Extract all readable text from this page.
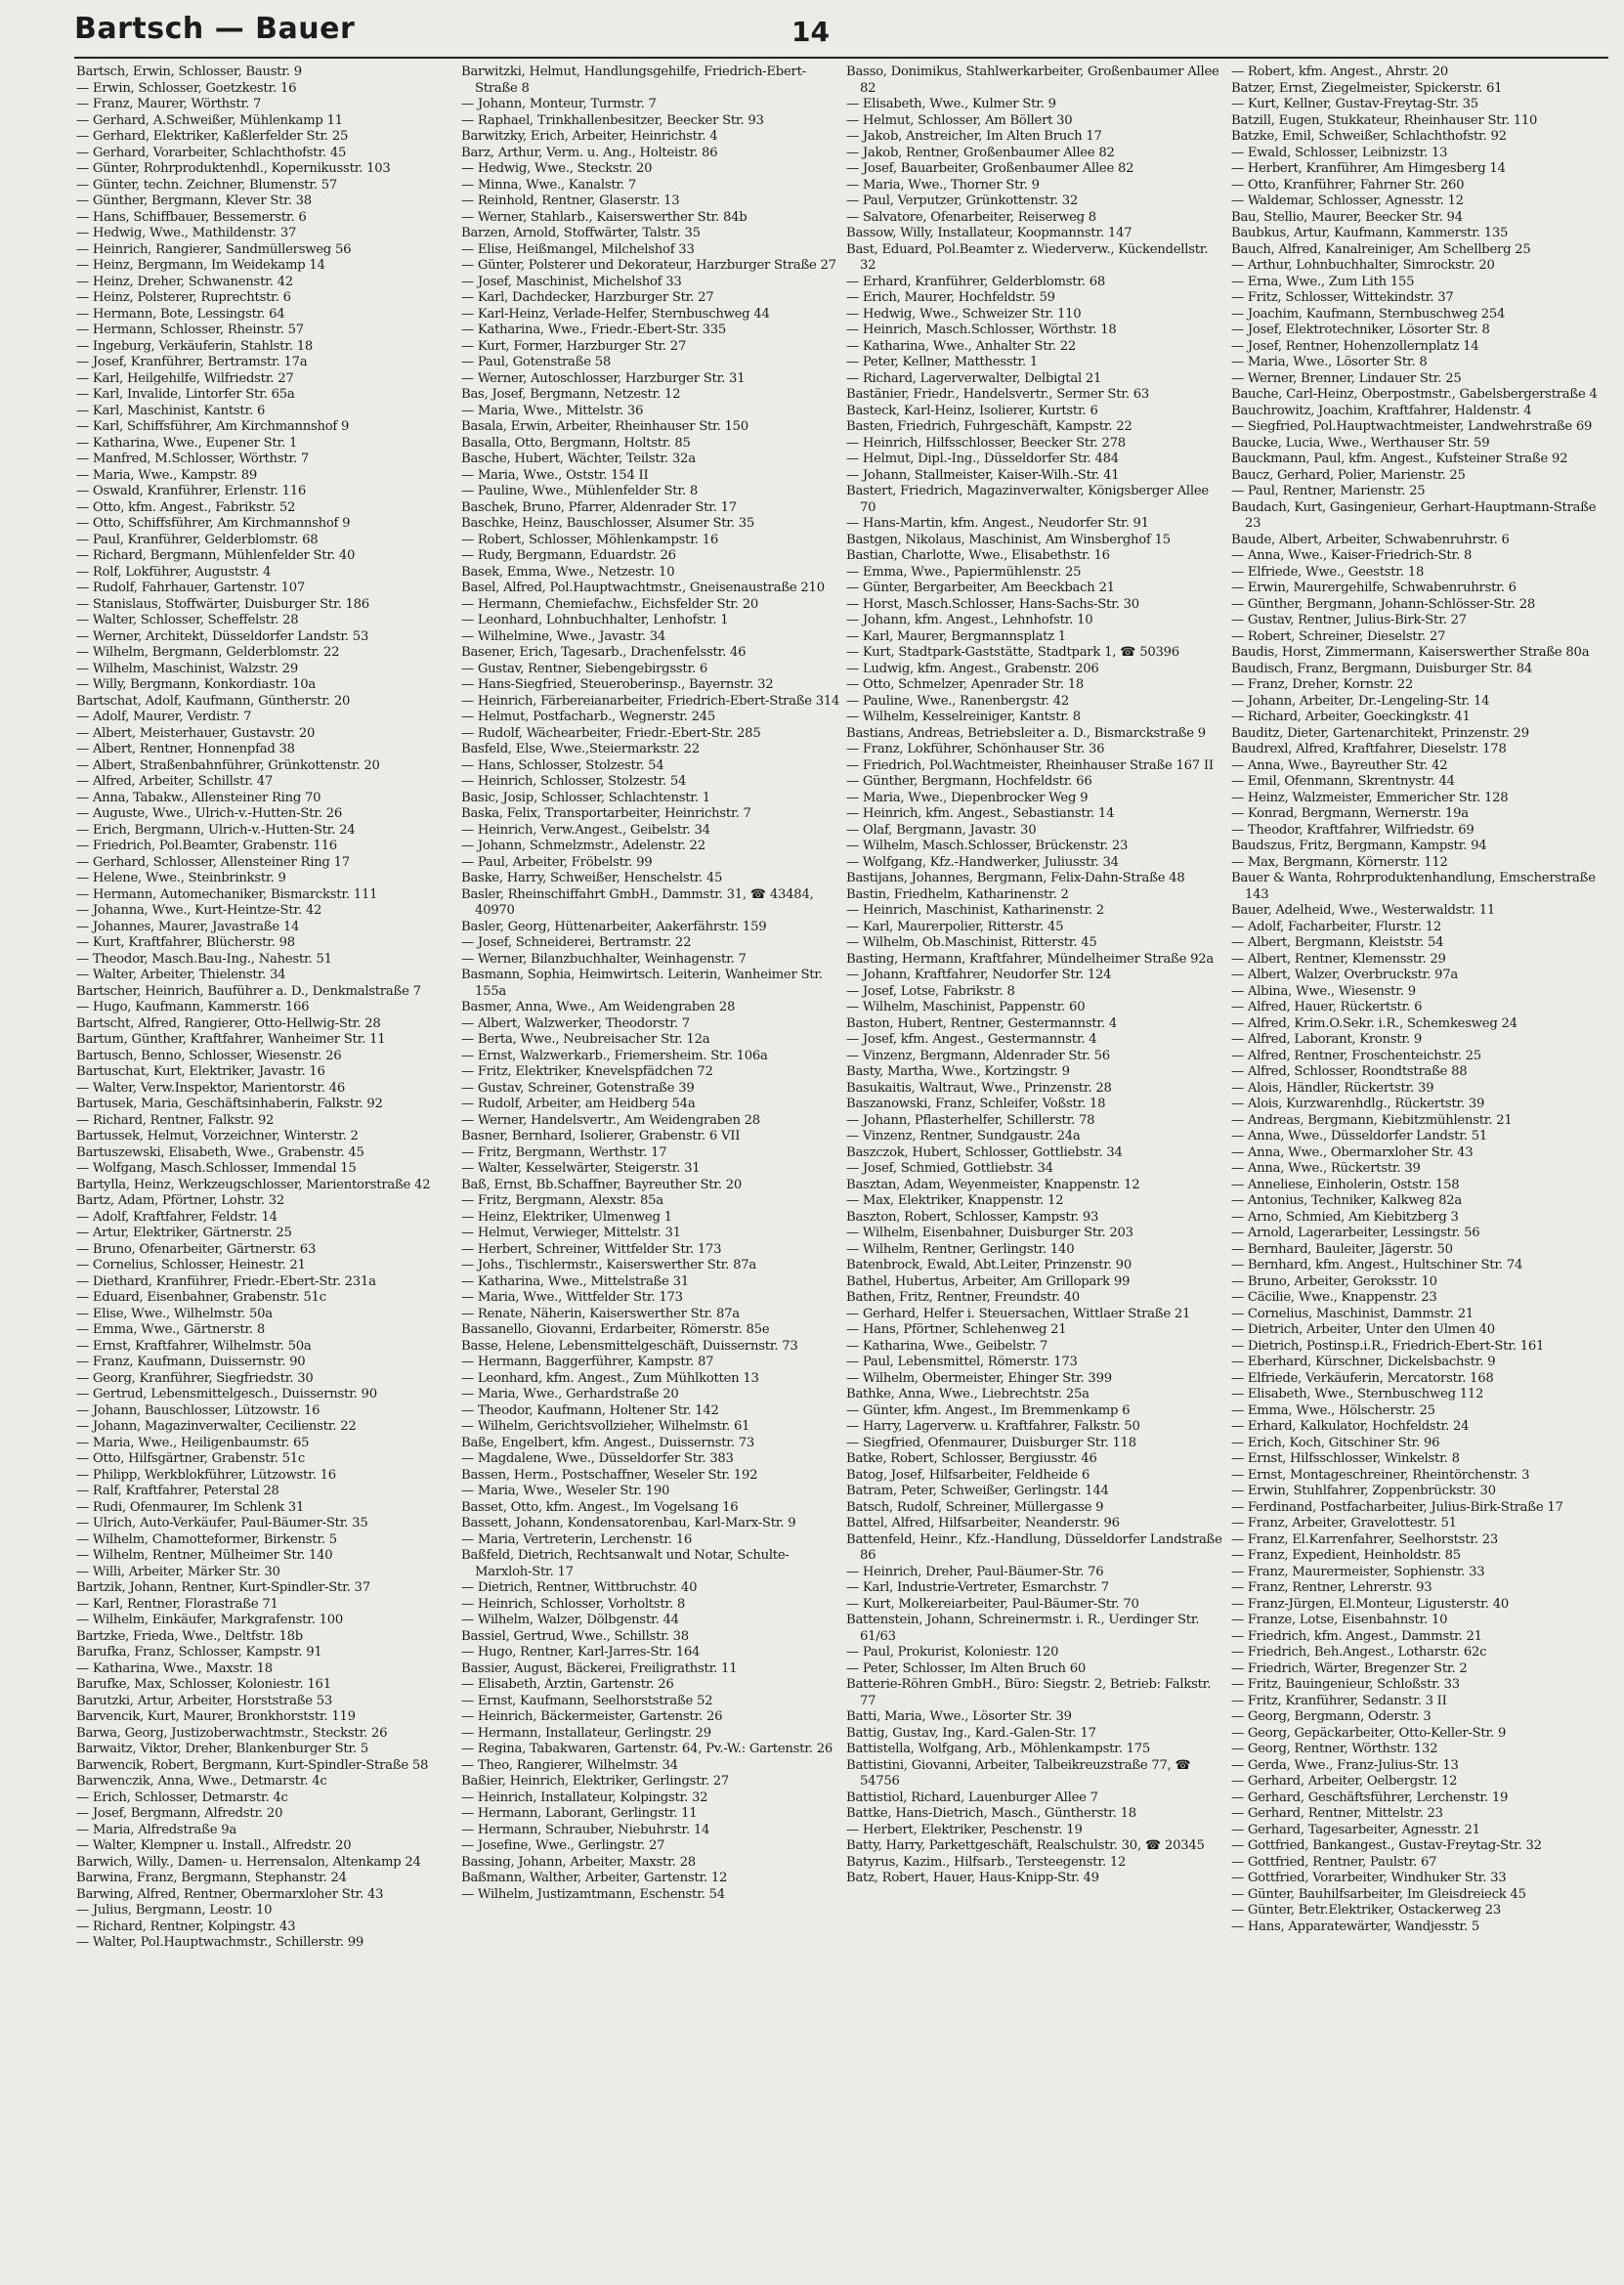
Bartsch — Bauer	14
Bartsch, Erwin, Schlosser, Baustr. 9
— Erwin, Schlosser, Goetzkestr. 16
— Franz, Maurer, Wörthstr. 7
— Gerhard, A.Schweißer, Mühlenkamp 11
— Gerhard, Elektriker, Kaßlerfelder Str. 25
— Gerhard, Vorarbeiter, Schlachthofstr. 45
— Günter, Rohrproduktenhdl., Kopernikusstr. 103
— Günter, techn. Zeichner, Blumenstr. 57
— Günther, Bergmann, Klever Str. 38
— Hans, Schiffbauer, Bessemerstr. 6
— Hedwig, Wwe., Mathildenstr. 37
— Heinrich, Rangierer, Sandmüllersweg 56
— Heinz, Bergmann, Im Weidekamp 14
— Heinz, Dreher, Schwanenstr. 42
— Heinz, Polsterer, Ruprechtstr. 6
— Hermann, Bote, Lessingstr. 64
— Hermann, Schlosser, Rheinstr. 57
— Ingeburg, Verkäuferin, Stahlstr. 18
— Josef, Kranführer, Bertramstr. 17a
— Karl, Heilgehilfe, Wilfriedstr. 27
— Karl, Invalide, Lintorfer Str. 65a
— Karl, Maschinist, Kantstr. 6
— Karl, Schiffsführer, Am Kirchmannshof 9
— Katharina, Wwe., Eupener Str. 1
— Manfred, M.Schlosser, Wörthstr. 7
— Maria, Wwe., Kampstr. 89
— Oswald, Kranführer, Erlenstr. 116
— Otto, kfm. Angest., Fabrikstr. 52
— Otto, Schiffsführer, Am Kirchmannshof 9
— Paul, Kranführer, Gelderblomstr. 68
— Richard, Bergmann, Mühlenfelder Str. 40
— Rolf, Lokführer, Auguststr. 4
— Rudolf, Fahrhauer, Gartenstr. 107
— Stanislaus, Stoffwärter, Duisburger Str. 186
— Walter, Schlosser, Scheffelstr. 28
— Werner, Architekt, Düsseldorfer Landstr. 53
— Wilhelm, Bergmann, Gelderblomstr. 22
— Wilhelm, Maschinist, Walzstr. 29
— Willy, Bergmann, Konkordiastr. 10a
Bartschat, Adolf, Kaufmann, Güntherstr. 20
— Adolf, Maurer, Verdistr. 7
— Albert, Meisterhauer, Gustavstr. 20
— Albert, Rentner, Honnenpfad 38
— Albert, Straßenbahnführer, Grünkottenstr. 20
— Alfred, Arbeiter, Schillstr. 47
— Anna, Tabakw., Allensteiner Ring 70
— Auguste, Wwe., Ulrich-v.-Hutten-Str. 26
— Erich, Bergmann, Ulrich-v.-Hutten-Str. 24
— Friedrich, Pol.Beamter, Grabenstr. 116
— Gerhard, Schlosser, Allensteiner Ring 17
— Helene, Wwe., Steinbrinkstr. 9
— Hermann, Automechaniker, Bismarckstr. 111
— Johanna, Wwe., Kurt-Heintze-Str. 42
— Johannes, Maurer, Javastraße 14
— Kurt, Kraftfahrer, Blücherstr. 98
— Theodor, Masch.Bau-Ing., Nahestr. 51
— Walter, Arbeiter, Thielenstr. 34
Bartscher, Heinrich, Bauführer a. D., Denkmalstraße 7
— Hugo, Kaufmann, Kammerstr. 166
Bartscht, Alfred, Rangierer, Otto-Hellwig-Str. 28
Bartum, Günther, Kraftfahrer, Wanheimer Str. 11
Bartusch, Benno, Schlosser, Wiesenstr. 26
Bartuschat, Kurt, Elektriker, Javastr. 16
— Walter, Verw.Inspektor, Marientorstr. 46
Bartusek, Maria, Geschäftsinhaberin, Falkstr. 92
— Richard, Rentner, Falkstr. 92
Bartussek, Helmut, Vorzeichner, Winterstr. 2
Bartuszewski, Elisabeth, Wwe., Grabenstr. 45
— Wolfgang, Masch.Schlosser, Immendal 15
Bartylla, Heinz, Werkzeugschlosser, Marientorstraße 42
Bartz, Adam, Pförtner, Lohstr. 32
— Adolf, Kraftfahrer, Feldstr. 14
— Artur, Elektriker, Gärtnerstr. 25
— Bruno, Ofenarbeiter, Gärtnerstr. 63
— Cornelius, Schlosser, Heinestr. 21
— Diethard, Kranführer, Friedr.-Ebert-Str. 231a
— Eduard, Eisenbahner, Grabenstr. 51c
— Elise, Wwe., Wilhelmstr. 50a
— Emma, Wwe., Gärtnerstr. 8
— Ernst, Kraftfahrer, Wilhelmstr. 50a
— Franz, Kaufmann, Duissernstr. 90
— Georg, Kranführer, Siegfriedstr. 30
— Gertrud, Lebensmittelgesch., Duissernstr. 90
— Johann, Bauschlosser, Lützowstr. 16
— Johann, Magazinverwalter, Cecilienstr. 22
— Maria, Wwe., Heiligenbaumstr. 65
— Otto, Hilfsgärtner, Grabenstr. 51c
— Philipp, Werkblokführer, Lützowstr. 16
— Ralf, Kraftfahrer, Peterstal 28
— Rudi, Ofenmaurer, Im Schlenk 31
— Ulrich, Auto-Verkäufer, Paul-Bäumer-Str. 35
— Wilhelm, Chamotteformer, Birkenstr. 5
— Wilhelm, Rentner, Mülheimer Str. 140
— Willi, Arbeiter, Märker Str. 30
Bartzik, Johann, Rentner, Kurt-Spindler-Str. 37
— Karl, Rentner, Florastraße 71
— Wilhelm, Einkäufer, Markgrafenstr. 100
Bartzke, Frieda, Wwe., Deltfstr. 18b
Barufka, Franz, Schlosser, Kampstr. 91
— Katharina, Wwe., Maxstr. 18
Barufke, Max, Schlosser, Koloniestr. 161
Barutzki, Artur, Arbeiter, Horststraße 53
Barvencik, Kurt, Maurer, Bronkhorststr. 119
Barwa, Georg, Justizoberwachtmstr., Steckstr. 26
Barwaitz, Viktor, Dreher, Blankenburger Str. 5
Barwencik, Robert, Bergmann, Kurt-Spindler-Straße 58
Barwenczik, Anna, Wwe., Detmarstr. 4c
— Erich, Schlosser, Detmarstr. 4c
— Josef, Bergmann, Alfredstr. 20
— Maria, Alfredstraße 9a
— Walter, Klempner u. Install., Alfredstr. 20
Barwich, Willy., Damen- u. Herrensalon, Altenkamp 24
Barwina, Franz, Bergmann, Stephanstr. 24
Barwing, Alfred, Rentner, Obermarxloher Str. 43
— Julius, Bergmann, Leostr. 10
— Richard, Rentner, Kolpingstr. 43
— Walter, Pol.Hauptwachmstr., Schillerstr. 99
Barwitzki, Helmut, Handlungsgehilfe, Friedrich-Ebert-Straße 8
— Johann, Monteur, Turmstr. 7
— Raphael, Trinkhallenbesitzer, Beecker Str. 93
Barwitzky, Erich, Arbeiter, Heinrichstr. 4
Barz, Arthur, Verm. u. Ang., Holteistr. 86
— Hedwig, Wwe., Steckstr. 20
— Minna, Wwe., Kanalstr. 7
— Reinhold, Rentner, Glaserstr. 13
— Werner, Stahlarb., Kaiserswerther Str. 84b
Barzen, Arnold, Stoffwärter, Talstr. 35
— Elise, Heißmangel, Milchelshof 33
— Günter, Polsterer und Dekorateur, Harzburger Straße 27
— Josef, Maschinist, Michelshof 33
— Karl, Dachdecker, Harzburger Str. 27
— Karl-Heinz, Verlade-Helfer, Sternbuschweg 44
— Katharina, Wwe., Friedr.-Ebert-Str. 335
— Kurt, Former, Harzburger Str. 27
— Paul, Gotenstraße 58
— Werner, Autoschlosser, Harzburger Str. 31
Bas, Josef, Bergmann, Netzestr. 12
— Maria, Wwe., Mittelstr. 36
Basala, Erwin, Arbeiter, Rheinhauser Str. 150
Basalla, Otto, Bergmann, Holtstr. 85
Basche, Hubert, Wächter, Teilstr. 32a
— Maria, Wwe., Oststr. 154 II
— Pauline, Wwe., Mühlenfelder Str. 8
Baschek, Bruno, Pfarrer, Aldenrader Str. 17
Baschke, Heinz, Bauschlosser, Alsumer Str. 35
— Robert, Schlosser, Möhlenkampstr. 16
— Rudy, Bergmann, Eduardstr. 26
Basek, Emma, Wwe., Netzestr. 10
Basel, Alfred, Pol.Hauptwachtmstr., Gneisenaustraße 210
— Hermann, Chemiefachw., Eichsfelder Str. 20
— Leonhard, Lohnbuchhalter, Lenhofstr. 1
— Wilhelmine, Wwe., Javastr. 34
Basener, Erich, Tagesarb., Drachenfelsstr. 46
— Gustav, Rentner, Siebengebirgsstr. 6
— Hans-Siegfried, Steueroberinsp., Bayernstr. 32
— Heinrich, Färbereianarbeiter, Friedrich-Ebert-Straße 314
— Helmut, Postfacharb., Wegnerstr. 245
— Rudolf, Wächearbeiter, Friedr.-Ebert-Str. 285
Basfeld, Else, Wwe.,Steiermarkstr. 22
— Hans, Schlosser, Stolzestr. 54
— Heinrich, Schlosser, Stolzestr. 54
Basic, Josip, Schlosser, Schlachtenstr. 1
Baska, Felix, Transportarbeiter, Heinrichstr. 7
— Heinrich, Verw.Angest., Geibelstr. 34
— Johann, Schmelzmstr., Adelenstr. 22
— Paul, Arbeiter, Fröbelstr. 99
Baske, Harry, Schweißer, Henschelstr. 45
Basler, Rheinschiffahrt GmbH., Dammstr. 31, ☎ 43484, 40970
Basler, Georg, Hüttenarbeiter, Aakerfährstr. 159
— Josef, Schneiderei, Bertramstr. 22
— Werner, Bilanzbuchhalter, Weinhagenstr. 7
Basmann, Sophia, Heimwirtsch. Leiterin, Wanheimer Str. 155a
Basmer, Anna, Wwe., Am Weidengraben 28
— Albert, Walzwerker, Theodorstr. 7
— Berta, Wwe., Neubreisacher Str. 12a
— Ernst, Walzwerkarb., Friemersheim. Str. 106a
— Fritz, Elektriker, Knevelspfädchen 72
— Gustav, Schreiner, Gotenstraße 39
— Rudolf, Arbeiter, am Heidberg 54a
— Werner, Handelsvertr., Am Weidengraben 28
Basner, Bernhard, Isolierer, Grabenstr. 6 VII
— Fritz, Bergmann, Werthstr. 17
— Walter, Kesselwärter, Steigerstr. 31
Baß, Ernst, Bb.Schaffner, Bayreuther Str. 20
— Fritz, Bergmann, Alexstr. 85a
— Heinz, Elektriker, Ulmenweg 1
— Helmut, Verwieger, Mittelstr. 31
— Herbert, Schreiner, Wittfelder Str. 173
— Johs., Tischlermstr., Kaiserswerther Str. 87a
— Katharina, Wwe., Mittelstraße 31
— Maria, Wwe., Wittfelder Str. 173
— Renate, Näherin, Kaiserswerther Str. 87a
Bassanello, Giovanni, Erdarbeiter, Römerstr. 85e
Basse, Helene, Lebensmittelgeschäft, Duissernstr. 73
— Hermann, Baggerführer, Kampstr. 87
— Leonhard, kfm. Angest., Zum Mühlkotten 13
— Maria, Wwe., Gerhardstraße 20
— Theodor, Kaufmann, Holtener Str. 142
— Wilhelm, Gerichtsvollzieher, Wilhelmstr. 61
Baße, Engelbert, kfm. Angest., Duissernstr. 73
— Magdalene, Wwe., Düsseldorfer Str. 383
Bassen, Herm., Postschaffner, Weseler Str. 192
— Maria, Wwe., Weseler Str. 190
Basset, Otto, kfm. Angest., Im Vogelsang 16
Bassett, Johann, Kondensatorenbau, Karl-Marx-Str. 9
— Maria, Vertreterin, Lerchenstr. 16
Baßfeld, Dietrich, Rechtsanwalt und Notar, Schulte-Marxloh-Str. 17
— Dietrich, Rentner, Wittbruchstr. 40
— Heinrich, Schlosser, Vorholtstr. 8
— Wilhelm, Walzer, Dölbgenstr. 44
Bassiel, Gertrud, Wwe., Schillstr. 38
— Hugo, Rentner, Karl-Jarres-Str. 164
Bassier, August, Bäckerei, Freiligrathstr. 11
— Elisabeth, Ärztin, Gartenstr. 26
— Ernst, Kaufmann, Seelhorststraße 52
— Heinrich, Bäckermeister, Gartenstr. 26
— Hermann, Installateur, Gerlingstr. 29
— Regina, Tabakwaren, Gartenstr. 64, Pv.-W.: Gartenstr. 26
— Theo, Rangierer, Wilhelmstr. 34
Baßier, Heinrich, Elektriker, Gerlingstr. 27
— Heinrich, Installateur, Kolpingstr. 32
— Hermann, Laborant, Gerlingstr. 11
— Hermann, Schrauber, Niebuhrstr. 14
— Josefine, Wwe., Gerlingstr. 27
Bassing, Johann, Arbeiter, Maxstr. 28
Baßmann, Walther, Arbeiter, Gartenstr. 12
— Wilhelm, Justizamtmann, Eschenstr. 54
Basso, Donimikus, Stahlwerkarbeiter, Großenbaumer Allee 82
— Elisabeth, Wwe., Kulmer Str. 9
— Helmut, Schlosser, Am Böllert 30
— Jakob, Anstreicher, Im Alten Bruch 17
— Jakob, Rentner, Großenbaumer Allee 82
— Josef, Bauarbeiter, Großenbaumer Allee 82
— Maria, Wwe., Thorner Str. 9
— Paul, Verputzer, Grünkottenstr. 32
— Salvatore, Ofenarbeiter, Reiserweg 8
Bassow, Willy, Installateur, Koopmannstr. 147
Bast, Eduard, Pol.Beamter z. Wiederverw., Kückendellstr. 32
— Erhard, Kranführer, Gelderblomstr. 68
— Erich, Maurer, Hochfeldstr. 59
— Hedwig, Wwe., Schweizer Str. 110
— Heinrich, Masch.Schlosser, Wörthstr. 18
— Katharina, Wwe., Anhalter Str. 22
— Peter, Kellner, Matthesstr. 1
— Richard, Lagerverwalter, Delbigtal 21
Bastänier, Friedr., Handelsvertr., Sermer Str. 63
Basteck, Karl-Heinz, Isolierer, Kurtstr. 6
Basten, Friedrich, Fuhrgeschäft, Kampstr. 22
— Heinrich, Hilfsschlosser, Beecker Str. 278
— Helmut, Dipl.-Ing., Düsseldorfer Str. 484
— Johann, Stallmeister, Kaiser-Wilh.-Str. 41
Bastert, Friedrich, Magazinverwalter, Königsberger Allee 70
— Hans-Martin, kfm. Angest., Neudorfer Str. 91
Bastgen, Nikolaus, Maschinist, Am Winsberghof 15
Bastian, Charlotte, Wwe., Elisabethstr. 16
— Emma, Wwe., Papiermühlenstr. 25
— Günter, Bergarbeiter, Am Beeckbach 21
— Horst, Masch.Schlosser, Hans-Sachs-Str. 30
— Johann, kfm. Angest., Lehnhofstr. 10
— Karl, Maurer, Bergmannsplatz 1
— Kurt, Stadtpark-Gaststätte, Stadtpark 1, ☎ 50396
— Ludwig, kfm. Angest., Grabenstr. 206
— Otto, Schmelzer, Apenrader Str. 18
— Pauline, Wwe., Ranenbergstr. 42
— Wilhelm, Kesselreiniger, Kantstr. 8
Bastians, Andreas, Betriebsleiter a. D., Bismarckstraße 9
— Franz, Lokführer, Schönhauser Str. 36
— Friedrich, Pol.Wachtmeister, Rheinhauser Straße 167 II
— Günther, Bergmann, Hochfeldstr. 66
— Maria, Wwe., Diepenbrocker Weg 9
— Heinrich, kfm. Angest., Sebastianstr. 14
— Olaf, Bergmann, Javastr. 30
— Wilhelm, Masch.Schlosser, Brückenstr. 23
— Wolfgang, Kfz.-Handwerker, Juliusstr. 34
Bastijans, Johannes, Bergmann, Felix-Dahn-Straße 48
Bastin, Friedhelm, Katharinenstr. 2
— Heinrich, Maschinist, Katharinenstr. 2
— Karl, Maurerpolier, Ritterstr. 45
— Wilhelm, Ob.Maschinist, Ritterstr. 45
Basting, Hermann, Kraftfahrer, Mündelheimer Straße 92a
— Johann, Kraftfahrer, Neudorfer Str. 124
— Josef, Lotse, Fabrikstr. 8
— Wilhelm, Maschinist, Pappenstr. 60
Baston, Hubert, Rentner, Gestermannstr. 4
— Josef, kfm. Angest., Gestermannstr. 4
— Vinzenz, Bergmann, Aldenrader Str. 56
Basty, Martha, Wwe., Kortzingstr. 9
Basukaitis, Waltraut, Wwe., Prinzenstr. 28
Baszanowski, Franz, Schleifer, Voßstr. 18
— Johann, Pflasterhelfer, Schillerstr. 78
— Vinzenz, Rentner, Sundgaustr. 24a
Baszczok, Hubert, Schlosser, Gottliebstr. 34
— Josef, Schmied, Gottliebstr. 34
Basztan, Adam, Weyenmeister, Knappenstr. 12
— Max, Elektriker, Knappenstr. 12
Baszton, Robert, Schlosser, Kampstr. 93
— Wilhelm, Eisenbahner, Duisburger Str. 203
— Wilhelm, Rentner, Gerlingstr. 140
Batenbrock, Ewald, Abt.Leiter, Prinzenstr. 90
Bathel, Hubertus, Arbeiter, Am Grillopark 99
Bathen, Fritz, Rentner, Freundstr. 40
— Gerhard, Helfer i. Steuersachen, Wittlaer Straße 21
— Hans, Pförtner, Schlehenweg 21
— Katharina, Wwe., Geibelstr. 7
— Paul, Lebensmittel, Römerstr. 173
— Wilhelm, Obermeister, Ehinger Str. 399
Bathke, Anna, Wwe., Liebrechtstr. 25a
— Günter, kfm. Angest., Im Bremmenkamp 6
— Harry, Lagerverw. u. Kraftfahrer, Falkstr. 50
— Siegfried, Ofenmaurer, Duisburger Str. 118
Batke, Robert, Schlosser, Bergiusstr. 46
Batog, Josef, Hilfsarbeiter, Feldheide 6
Batram, Peter, Schweißer, Gerlingstr. 144
Batsch, Rudolf, Schreiner, Müllergasse 9
Battel, Alfred, Hilfsarbeiter, Neanderstr. 96
Battenfeld, Heinr., Kfz.-Handlung, Düsseldorfer Landstraße 86
— Heinrich, Dreher, Paul-Bäumer-Str. 76
— Karl, Industrie-Vertreter, Esmarchstr. 7
— Kurt, Molkereiarbeiter, Paul-Bäumer-Str. 70
Battenstein, Johann, Schreinermstr. i. R., Uerdinger Str. 61/63
— Paul, Prokurist, Koloniestr. 120
— Peter, Schlosser, Im Alten Bruch 60
Batterie-Röhren GmbH., Büro: Siegstr. 2, Betrieb: Falkstr. 77
Batti, Maria, Wwe., Lösorter Str. 39
Battig, Gustav, Ing., Kard.-Galen-Str. 17
Battistella, Wolfgang, Arb., Möhlenkampstr. 175
Battistini, Giovanni, Arbeiter, Talbeikreuzstraße 77, ☎ 54756
Battistiol, Richard, Lauenburger Allee 7
Battke, Hans-Dietrich, Masch., Güntherstr. 18
— Herbert, Elektriker, Peschenstr. 19
Batty, Harry, Parkettgeschäft, Realschulstr. 30, ☎ 20345
Batyrus, Kazim., Hilfsarb., Tersteegenstr. 12
Batz, Robert, Hauer, Haus-Knipp-Str. 49
— Robert, kfm. Angest., Ahrstr. 20
Batzer, Ernst, Ziegelmeister, Spickerstr. 61
— Kurt, Kellner, Gustav-Freytag-Str. 35
Batzill, Eugen, Stukkateur, Rheinhauser Str. 110
Batzke, Emil, Schweißer, Schlachthofstr. 92
— Ewald, Schlosser, Leibnizstr. 13
— Herbert, Kranführer, Am Himgesberg 14
— Otto, Kranführer, Fahrner Str. 260
— Waldemar, Schlosser, Agnesstr. 12
Bau, Stellio, Maurer, Beecker Str. 94
Baubkus, Artur, Kaufmann, Kammerstr. 135
Bauch, Alfred, Kanalreiniger, Am Schellberg 25
— Arthur, Lohnbuchhalter, Simrockstr. 20
— Erna, Wwe., Zum Lith 155
— Fritz, Schlosser, Wittekindstr. 37
— Joachim, Kaufmann, Sternbuschweg 254
— Josef, Elektrotechniker, Lösorter Str. 8
— Josef, Rentner, Hohenzollernplatz 14
— Maria, Wwe., Lösorter Str. 8
— Werner, Brenner, Lindauer Str. 25
Bauche, Carl-Heinz, Oberpostmstr., Gabelsbergerstraße 4
Bauchrowitz, Joachim, Kraftfahrer, Haldenstr. 4
— Siegfried, Pol.Hauptwachtmeister, Landwehrstraße 69
Baucke, Lucia, Wwe., Werthauser Str. 59
Bauckmann, Paul, kfm. Angest., Kufsteiner Straße 92
Baucz, Gerhard, Polier, Marienstr. 25
— Paul, Rentner, Marienstr. 25
Baudach, Kurt, Gasingenieur, Gerhart-Hauptmann-Straße 23
Baude, Albert, Arbeiter, Schwabenruhrstr. 6
— Anna, Wwe., Kaiser-Friedrich-Str. 8
— Elfriede, Wwe., Geeststr. 18
— Erwin, Maurergehilfe, Schwabenruhrstr. 6
— Günther, Bergmann, Johann-Schlösser-Str. 28
— Gustav, Rentner, Julius-Birk-Str. 27
— Robert, Schreiner, Dieselstr. 27
Baudis, Horst, Zimmermann, Kaiserswerther Straße 80a
Baudisch, Franz, Bergmann, Duisburger Str. 84
— Franz, Dreher, Kornstr. 22
— Johann, Arbeiter, Dr.-Lengeling-Str. 14
— Richard, Arbeiter, Goeckingkstr. 41
Bauditz, Dieter, Gartenarchitekt, Prinzenstr. 29
Baudrexl, Alfred, Kraftfahrer, Dieselstr. 178
— Anna, Wwe., Bayreuther Str. 42
— Emil, Ofenmann, Skrentnystr. 44
— Heinz, Walzmeister, Emmericher Str. 128
— Konrad, Bergmann, Wernerstr. 19a
— Theodor, Kraftfahrer, Wilfriedstr. 69
Baudszus, Fritz, Bergmann, Kampstr. 94
— Max, Bergmann, Körnerstr. 112
Bauer & Wanta, Rohrproduktenhandlung, Emscherstraße 143
Bauer, Adelheid, Wwe., Westerwaldstr. 11
— Adolf, Facharbeiter, Flurstr. 12
— Albert, Bergmann, Kleiststr. 54
— Albert, Rentner, Klemensstr. 29
— Albert, Walzer, Overbruckstr. 97a
— Albina, Wwe., Wiesenstr. 9
— Alfred, Hauer, Rückertstr. 6
— Alfred, Krim.O.Sekr. i.R., Schemkesweg 24
— Alfred, Laborant, Kronstr. 9
— Alfred, Rentner, Froschenteichstr. 25
— Alfred, Schlosser, Roondtstraße 88
— Alois, Händler, Rückertstr. 39
— Alois, Kurzwarenhdlg., Rückertstr. 39
— Andreas, Bergmann, Kiebitzmühlenstr. 21
— Anna, Wwe., Düsseldorfer Landstr. 51
— Anna, Wwe., Obermarxloher Str. 43
— Anna, Wwe., Rückertstr. 39
— Anneliese, Einholerin, Oststr. 158
— Antonius, Techniker, Kalkweg 82a
— Arno, Schmied, Am Kiebitzberg 3
— Arnold, Lagerarbeiter, Lessingstr. 56
— Bernhard, Bauleiter, Jägerstr. 50
— Bernhard, kfm. Angest., Hultschiner Str. 74
— Bruno, Arbeiter, Geroksstr. 10
— Cäcilie, Wwe., Knappenstr. 23
— Cornelius, Maschinist, Dammstr. 21
— Dietrich, Arbeiter, Unter den Ulmen 40
— Dietrich, Postinsp.i.R., Friedrich-Ebert-Str. 161
— Eberhard, Kürschner, Dickelsbachstr. 9
— Elfriede, Verkäuferin, Mercatorstr. 168
— Elisabeth, Wwe., Sternbuschweg 112
— Emma, Wwe., Hölscherstr. 25
— Erhard, Kalkulator, Hochfeldstr. 24
— Erich, Koch, Gitschiner Str. 96
— Ernst, Hilfsschlosser, Winkelstr. 8
— Ernst, Montageschreiner, Rheintörchenstr. 3
— Erwin, Stuhlfahrer, Zoppenbrückstr. 30
— Ferdinand, Postfacharbeiter, Julius-Birk-Straße 17
— Franz, Arbeiter, Gravelottestr. 51
— Franz, El.Karrenfahrer, Seelhorststr. 23
— Franz, Expedient, Heinholdstr. 85
— Franz, Maurermeister, Sophienstr. 33
— Franz, Rentner, Lehrerstr. 93
— Franz-Jürgen, El.Monteur, Ligusterstr. 40
— Franze, Lotse, Eisenbahnstr. 10
— Friedrich, kfm. Angest., Dammstr. 21
— Friedrich, Beh.Angest., Lotharstr. 62c
— Friedrich, Wärter, Bregenzer Str. 2
— Fritz, Bauingenieur, Schloßstr. 33
— Fritz, Kranführer, Sedanstr. 3 II
— Georg, Bergmann, Oderstr. 3
— Georg, Gepäckarbeiter, Otto-Keller-Str. 9
— Georg, Rentner, Wörthstr. 132
— Gerda, Wwe., Franz-Julius-Str. 13
— Gerhard, Arbeiter, Oelbergstr. 12
— Gerhard, Geschäftsführer, Lerchenstr. 19
— Gerhard, Rentner, Mittelstr. 23
— Gerhard, Tagesarbeiter, Agnesstr. 21
— Gottfried, Bankangest., Gustav-Freytag-Str. 32
— Gottfried, Rentner, Paulstr. 67
— Gottfried, Vorarbeiter, Windhuker Str. 33
— Günter, Bauhilfsarbeiter, Im Gleisdreieck 45
— Günter, Betr.Elektriker, Ostackerweg 23
— Hans, Apparatewärter, Wandjesstr. 5
